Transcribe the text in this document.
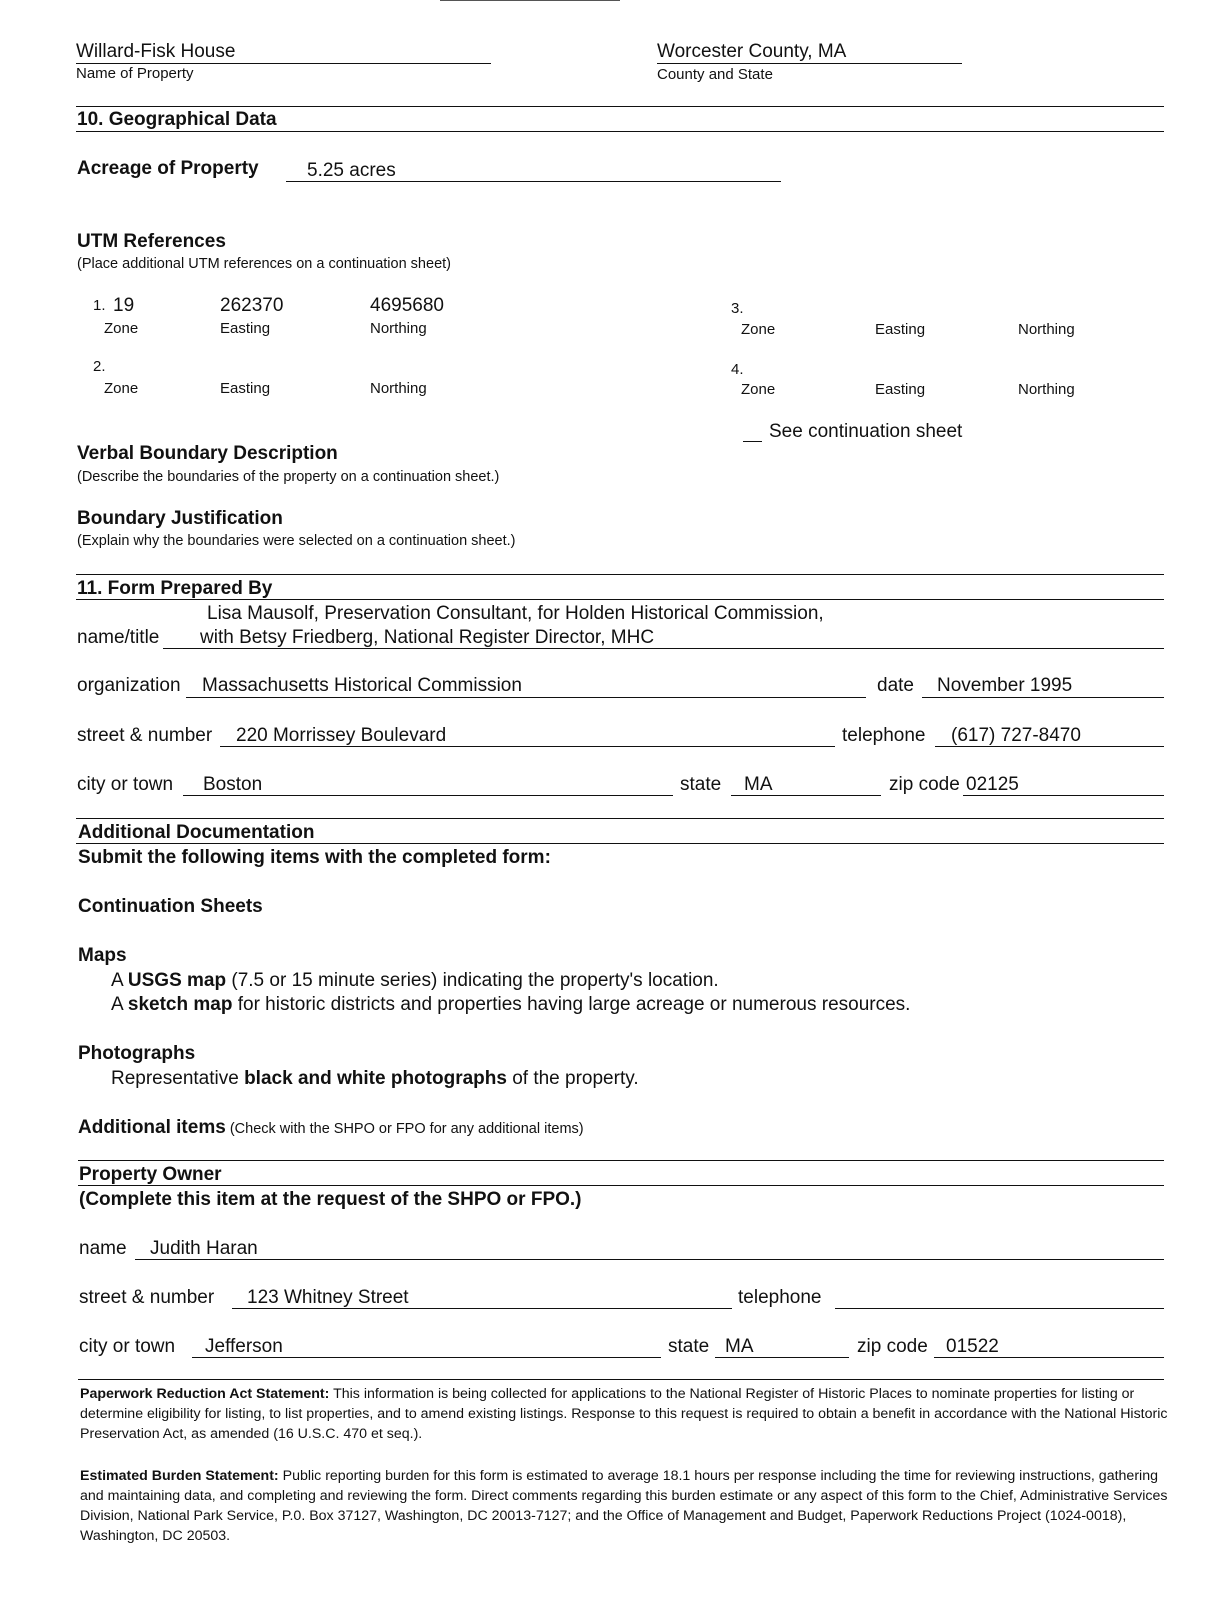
Willard-Fisk House
Name of Property
Worcester County, MA
County and State
10. Geographical Data
Acreage of Property	5.25 acres
UTM References
(Place additional UTM references on a continuation sheet)
1. 19	262370	4695680
Zone	Easting	Northing
2.
Zone	Easting	Northing
3.
Zone	Easting	Northing
4.
Zone	Easting	Northing
See continuation sheet
Verbal Boundary Description
(Describe the boundaries of the property on a continuation sheet.)
Boundary Justification
(Explain why the boundaries were selected on a continuation sheet.)
11. Form Prepared By
Lisa Mausolf, Preservation Consultant, for Holden Historical Commission,
name/title with Betsy Friedberg, National Register Director, MHC
organization Massachusetts Historical Commission	date November 1995
street & number 220 Morrissey Boulevard	telephone (617) 727-8470
city or town Boston	state MA	zip code 02125
Additional Documentation
Submit the following items with the completed form:
Continuation Sheets
Maps
A USGS map (7.5 or 15 minute series) indicating the property's location.
A sketch map for historic districts and properties having large acreage or numerous resources.
Photographs
Representative black and white photographs of the property.
Additional items (Check with the SHPO or FPO for any additional items)
Property Owner
(Complete this item at the request of the SHPO or FPO.)
name Judith Haran
street & number 123 Whitney Street	telephone
city or town Jefferson	state MA	zip code 01522
Paperwork Reduction Act Statement: This information is being collected for applications to the National Register of Historic Places to nominate properties for listing or determine eligibility for listing, to list properties, and to amend existing listings. Response to this request is required to obtain a benefit in accordance with the National Historic Preservation Act, as amended (16 U.S.C. 470 et seq.).
Estimated Burden Statement: Public reporting burden for this form is estimated to average 18.1 hours per response including the time for reviewing instructions, gathering and maintaining data, and completing and reviewing the form. Direct comments regarding this burden estimate or any aspect of this form to the Chief, Administrative Services Division, National Park Service, P.0. Box 37127, Washington, DC 20013-7127; and the Office of Management and Budget, Paperwork Reductions Project (1024-0018), Washington, DC 20503.
